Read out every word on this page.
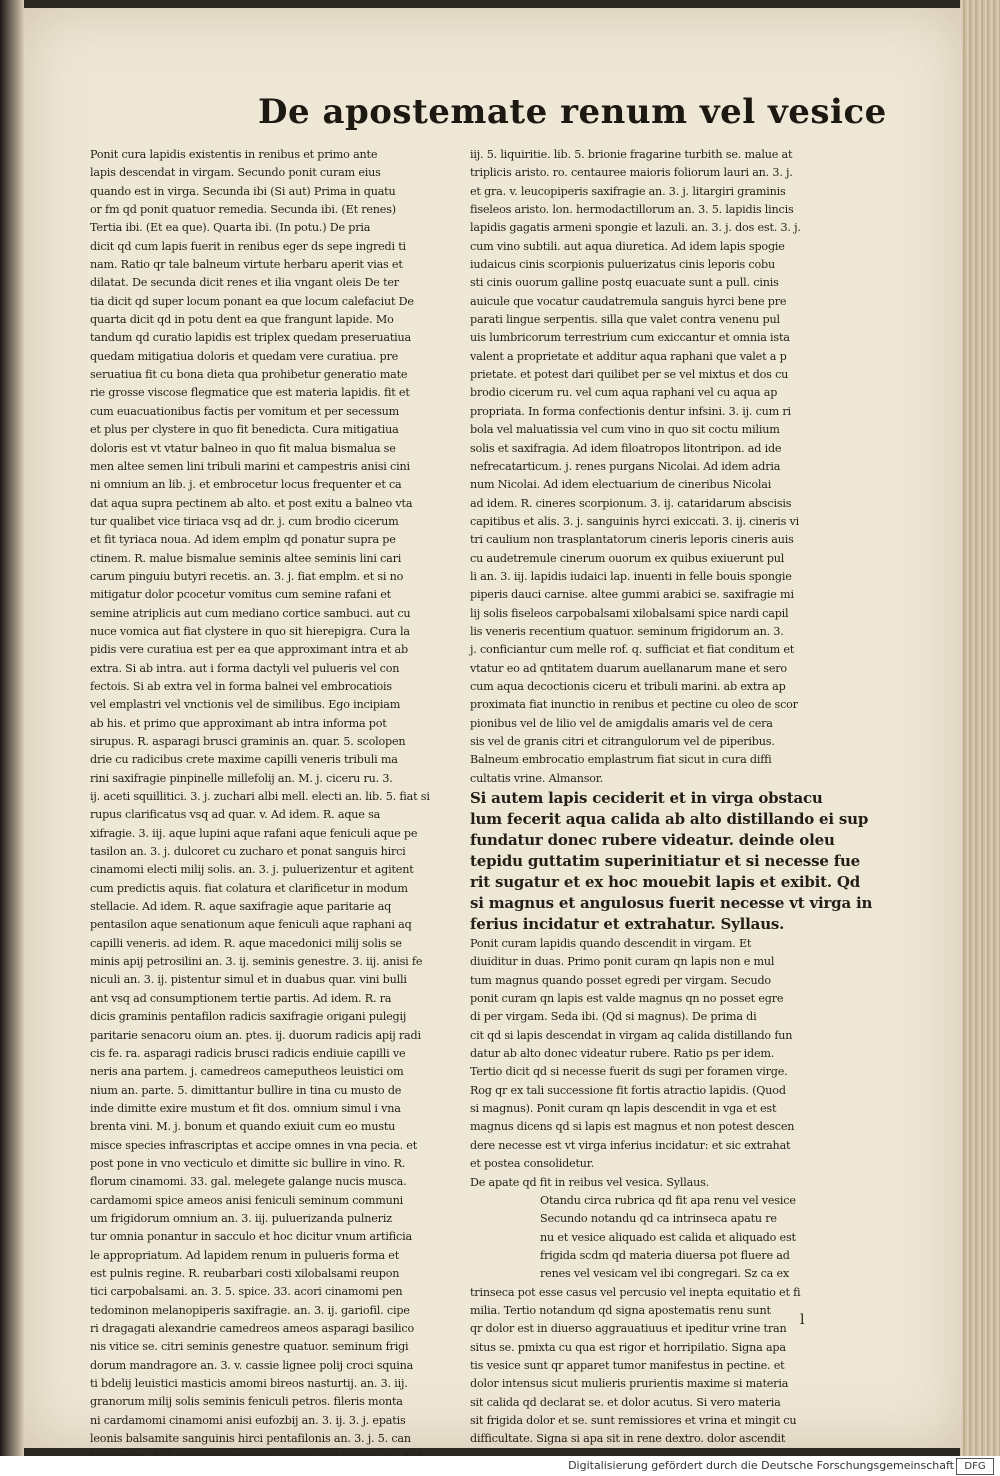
De apostemate renum vel vesice
Ponit cura lapidis existentis in renibus et primo ante
lapis descendat in virgam. Secundo ponit curam eius
quando est in virga. Secunda ibi (Si aut) Prima in quatu
or fm qd ponit quatuor remedia. Secunda ibi. (Et renes)
Tertia ibi. (Et ea que). Quarta ibi. (In potu.) De pria
dicit qd cum lapis fuerit in renibus eger ds sepe ingredi ti
nam. Ratio qr tale balneum virtute herbaru aperit vias et
dilatat. De secunda dicit renes et ilia vngant oleis De ter
tia dicit qd super locum ponant ea que locum calefaciut De
quarta dicit qd in potu dent ea que frangunt lapide. Mo
tandum qd curatio lapidis est triplex quedam preseruatiua
quedam mitigatiua doloris et quedam vere curatiua. pre
seruatiua fit cu bona dieta qua prohibetur generatio mate
rie grosse viscose flegmatice que est materia lapidis. fit et
cum euacuationibus factis per vomitum et per secessum
et plus per clystere in quo fit benedicta. Cura mitigatiua
doloris est vt vtatur balneo in quo fit malua bismalua se
men altee semen lini tribuli marini et campestris anisi cini
ni omnium an lib. j. et embrocetur locus frequenter et ca
dat aqua supra pectinem ab alto. et post exitu a balneo vta
tur qualibet vice tiriaca vsq ad dr. j. cum brodio cicerum
et fit tyriaca noua. Ad idem emplm qd ponatur supra pe
ctinem. R. malue bismalue seminis altee seminis lini cari
carum pinguiu butyri recetis. an. 3. j. fiat emplm. et si no
mitigatur dolor pcocetur vomitus cum semine rafani et
semine atriplicis aut cum mediano cortice sambuci. aut cu
nuce vomica aut fiat clystere in quo sit hierepigra. Cura la
pidis vere curatiua est per ea que approximant intra et ab
extra. Si ab intra. aut i forma dactyli vel pulueris vel con
fectois. Si ab extra vel in forma balnei vel embrocatiois
vel emplastri vel vnctionis vel de similibus. Ego incipiam
ab his. et primo que approximant ab intra informa pot
sirupus. R. asparagi brusci graminis an. quar. 5. scolopen
drie cu radicibus crete maxime capilli veneris tribuli ma
rini saxifragie pinpinelle millefolij an. M. j. ciceru ru. 3.
ij. aceti squillitici. 3. j. zuchari albi mell. electi an. lib. 5. fiat si
rupus clarificatus vsq ad quar. v. Ad idem. R. aque sa
xifragie. 3. iij. aque lupini aque rafani aque feniculi aque pe
tasilon an. 3. j. dulcoret cu zucharo et ponat sanguis hirci
cinamomi electi milij solis. an. 3. j. puluerizentur et agitent
cum predictis aquis. fiat colatura et clarificetur in modum
stellacie. Ad idem. R. aque saxifragie aque paritarie aq
pentasilon aque senationum aque feniculi aque raphani aq
capilli veneris. ad idem. R. aque macedonici milij solis se
minis apij petrosilini an. 3. ij. seminis genestre. 3. iij. anisi fe
niculi an. 3. ij. pistentur simul et in duabus quar. vini bulli
ant vsq ad consumptionem tertie partis. Ad idem. R. ra
dicis graminis pentafilon radicis saxifragie origani pulegij
paritarie senacoru oium an. ptes. ij. duorum radicis apij radi
cis fe. ra. asparagi radicis brusci radicis endiuie capilli ve
neris ana partem. j. camedreos cameputheos leuistici om
nium an. parte. 5. dimittantur bullire in tina cu musto de
inde dimitte exire mustum et fit dos. omnium simul i vna
brenta vini. M. j. bonum et quando exiuit cum eo mustu
misce species infrascriptas et accipe omnes in vna pecia. et
post pone in vno vecticulo et dimitte sic bullire in vino. R.
florum cinamomi. 33. gal. melegete galange nucis musca.
cardamomi spice ameos anisi feniculi seminum communi
um frigidorum omnium an. 3. iij. puluerizanda pulneriz
tur omnia ponantur in sacculo et hoc dicitur vnum artificia
le appropriatum. Ad lapidem renum in pulueris forma et
est pulnis regine. R. reubarbari costi xilobalsami reupon
tici carpobalsami. an. 3. 5. spice. 33. acori cinamomi pen
tedominon melanopiperis saxifragie. an. 3. ij. gariofil. cipe
ri dragagati alexandrie camedreos ameos asparagi basilico
nis vitice se. citri seminis genestre quatuor. seminum frigi
dorum mandragore an. 3. v. cassie lignee polij croci squina
ti bdelij leuistici masticis amomi bireos nasturtij. an. 3. iij.
granorum milij solis seminis feniculi petros. fileris monta
ni cardamomi cinamomi anisi eufozbij an. 3. ij. 3. j. epatis
leonis balsamite sanguinis hirci pentafilonis an. 3. j. 5. can
iij. 5. liquiritie. lib. 5. brionie fragarine turbith se. malue at
triplicis aristo. ro. centauree maioris foliorum lauri an. 3. j.
et gra. v. leucopiperis saxifragie an. 3. j. litargiri graminis
fiseleos aristo. lon. hermodactillorum an. 3. 5. lapidis lincis
lapidis gagatis armeni spongie et lazuli. an. 3. j. dos est. 3. j.
cum vino subtili. aut aqua diuretica. Ad idem lapis spogie
iudaicus cinis scorpionis puluerizatus cinis leporis cobu
sti cinis ouorum galline postq euacuate sunt a pull. cinis
auicule que vocatur caudatremula sanguis hyrci bene pre
parati lingue serpentis. silla que valet contra venenu pul
uis lumbricorum terrestrium cum exiccantur et omnia ista
valent a proprietate et additur aqua raphani que valet a p
prietate. et potest dari quilibet per se vel mixtus et dos cu
brodio cicerum ru. vel cum aqua raphani vel cu aqua ap
propriata. In forma confectionis dentur infsini. 3. ij. cum ri
bola vel maluatissia vel cum vino in quo sit coctu milium
solis et saxifragia. Ad idem filoatropos litontripon. ad ide
nefrecatarticum. j. renes purgans Nicolai. Ad idem adria
num Nicolai. Ad idem electuarium de cineribus Nicolai
ad idem. R. cineres scorpionum. 3. ij. cataridarum abscisis
capitibus et alis. 3. j. sanguinis hyrci exiccati. 3. ij. cineris vi
tri caulium non trasplantatorum cineris leporis cineris auis
cu audetremule cinerum ouorum ex quibus exiuerunt pul
li an. 3. iij. lapidis iudaici lap. inuenti in felle bouis spongie
piperis dauci carnise. altee gummi arabici se. saxifragie mi
lij solis fiseleos carpobalsami xilobalsami spice nardi capil
lis veneris recentium quatuor. seminum frigidorum an. 3.
j. conficiantur cum melle rof. q. sufficiat et fiat conditum et
vtatur eo ad qntitatem duarum auellanarum mane et sero
cum aqua decoctionis ciceru et tribuli marini. ab extra ap
proximata fiat inunctio in renibus et pectine cu oleo de scor
pionibus vel de lilio vel de amigdalis amaris vel de cera
sis vel de granis citri et citrangulorum vel de piperibus.
Balneum embrocatio emplastrum fiat sicut in cura diffi
cultatis vrine. Almansor.
Si autem lapis ceciderit et in virga obstacu
lum fecerit aqua calida ab alto distillando ei sup
fundatur donec rubere videatur. deinde oleu
tepidu guttatim superinitiatur et si necesse fue
rit sugatur et ex hoc mouebit lapis et exibit. Qd
si magnus et angulosus fuerit necesse vt virga in
ferius incidatur et extrahatur. Syllaus.
Ponit curam lapidis quando descendit in virgam. Et
diuiditur in duas. Primo ponit curam qn lapis non e mul
tum magnus quando posset egredi per virgam. Secudo
ponit curam qn lapis est valde magnus qn no posset egre
di per virgam. Seda ibi. (Qd si magnus). De prima di
cit qd si lapis descendat in virgam aq calida distillando fun
datur ab alto donec videatur rubere. Ratio ps per idem.
Tertio dicit qd si necesse fuerit ds sugi per foramen virge.
Rog qr ex tali successione fit fortis atractio lapidis. (Quod
si magnus). Ponit curam qn lapis descendit in vga et est
magnus dicens qd si lapis est magnus et non potest descen
dere necesse est vt virga inferius incidatur: et sic extrahat
et postea consolidetur.
De apate qd fit in reibus vel vesica. Syllaus.
Otandu circa rubrica qd fit apa renu vel vesice
Secundo notandu qd ca intrinseca apatu re
nu et vesice aliquado est calida et aliquado est
frigida scdm qd materia diuersa pot fluere ad
renes vel vesicam vel ibi congregari. Sz ca ex
trinseca pot esse casus vel percusio vel inepta equitatio et fi
milia. Tertio notandum qd signa apostematis renu sunt
qr dolor est in diuerso aggrauatiuus et ipeditur vrine tran
situs se. pmixta cu qua est rigor et horripilatio. Signa apa
tis vesice sunt qr apparet tumor manifestus in pectine. et
dolor intensus sicut mulieris prurientis maxime si materia
sit calida qd declarat se. et dolor acutus. Si vero materia
sit frigida dolor et se. sunt remissiores et vrina et mingit cu
difficultate. Signa si apa sit in rene dextro. dolor ascendit
l
Digitalisierung gefördert durch die Deutsche Forschungsgemeinschaft	DFG
